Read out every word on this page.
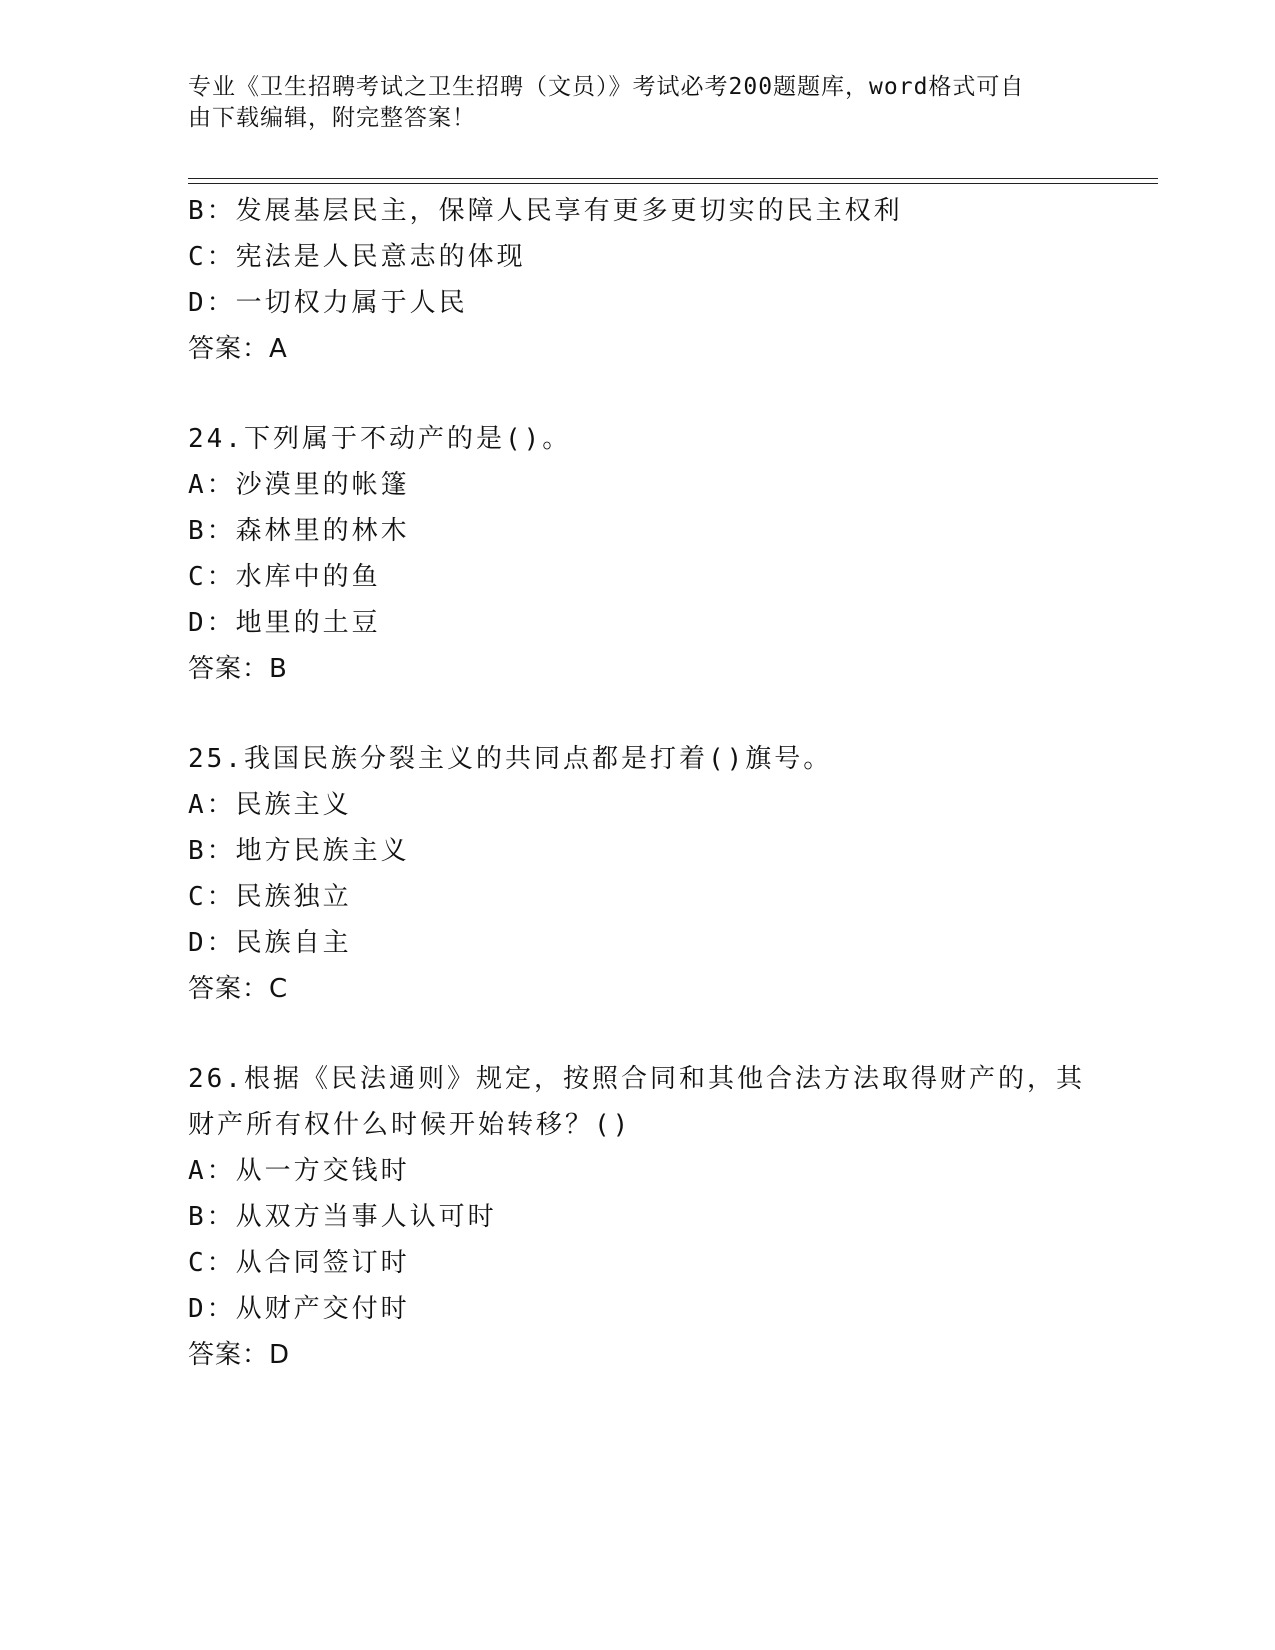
专业《卫生招聘考试之卫生招聘（文员）》考试必考200题题库，word格式可自
由下载编辑，附完整答案！
B：发展基层民主，保障人民享有更多更切实的民主权利
C：宪法是人民意志的体现
D：一切权力属于人民
答案：A
24.下列属于不动产的是()。
A：沙漠里的帐篷
B：森林里的林木
C：水库中的鱼
D：地里的土豆
答案：B
25.我国民族分裂主义的共同点都是打着()旗号。
A：民族主义
B：地方民族主义
C：民族独立
D：民族自主
答案：C
26.根据《民法通则》规定，按照合同和其他合法方法取得财产的，其
财产所有权什么时候开始转移？()
A：从一方交钱时
B：从双方当事人认可时
C：从合同签订时
D：从财产交付时
答案：D
